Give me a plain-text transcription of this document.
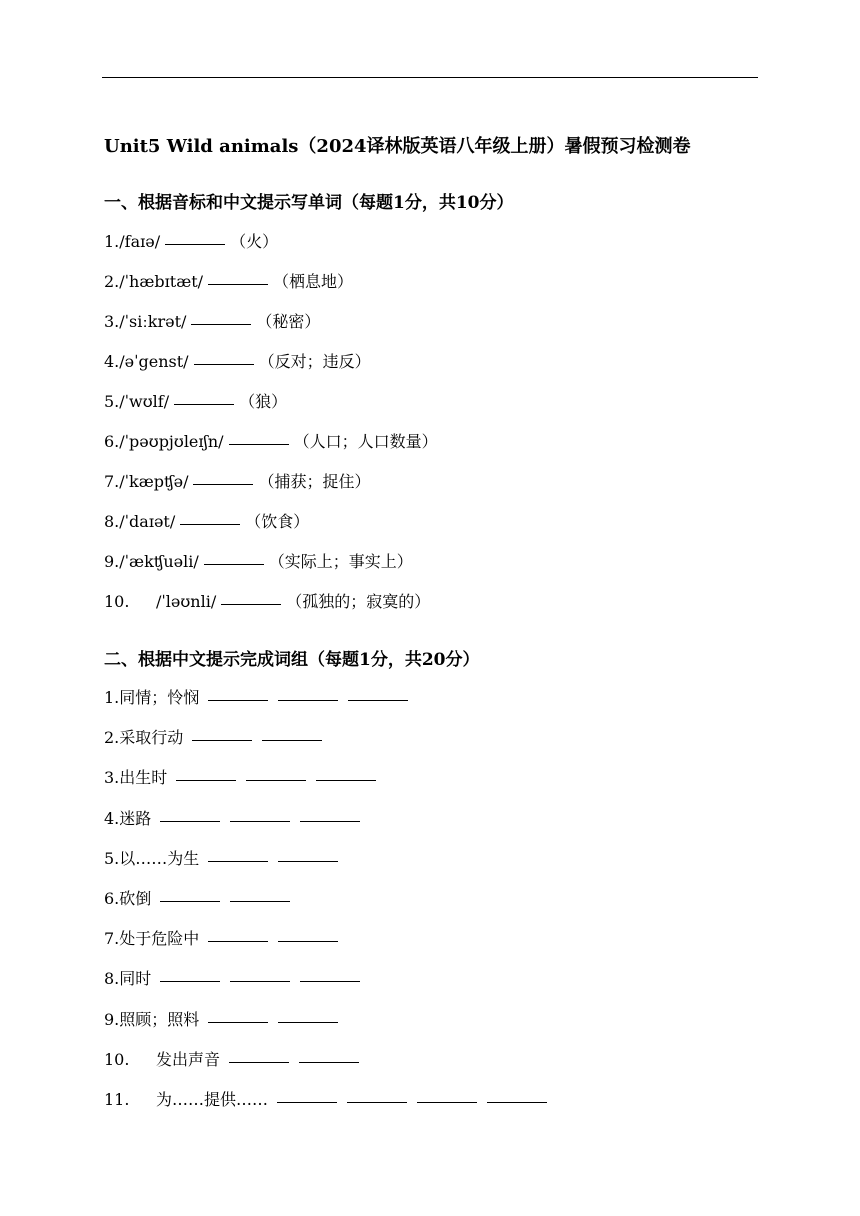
Unit5 Wild animals（2024译林版英语八年级上册）暑假预习检测卷
一、根据音标和中文提示写单词（每题1分，共10分）
1. /faɪə/	（火）
2. /ˈhæbɪtæt/	（栖息地）
3. /ˈsiːkrət/	（秘密）
4. /əˈgenst/	（反对；违反）
5. /ˈwʊlf/	（狼）
6. /ˈpəʊpjʊleɪʃn/	（人口；人口数量）
7. /ˈkæpʧə/	（捕获；捉住）
8. /ˈdaɪət/	（饮食）
9. /ˈækʧuəli/	（实际上；事实上）
10.	/ˈləʊnli/	（孤独的；寂寞的）
二、根据中文提示完成词组（每题1分，共20分）
1. 同情；怜悯
2. 采取行动
3. 出生时
4. 迷路
5. 以……为生
6. 砍倒
7. 处于危险中
8. 同时
9. 照顾；照料
10.	发出声音
11.	为……提供……
